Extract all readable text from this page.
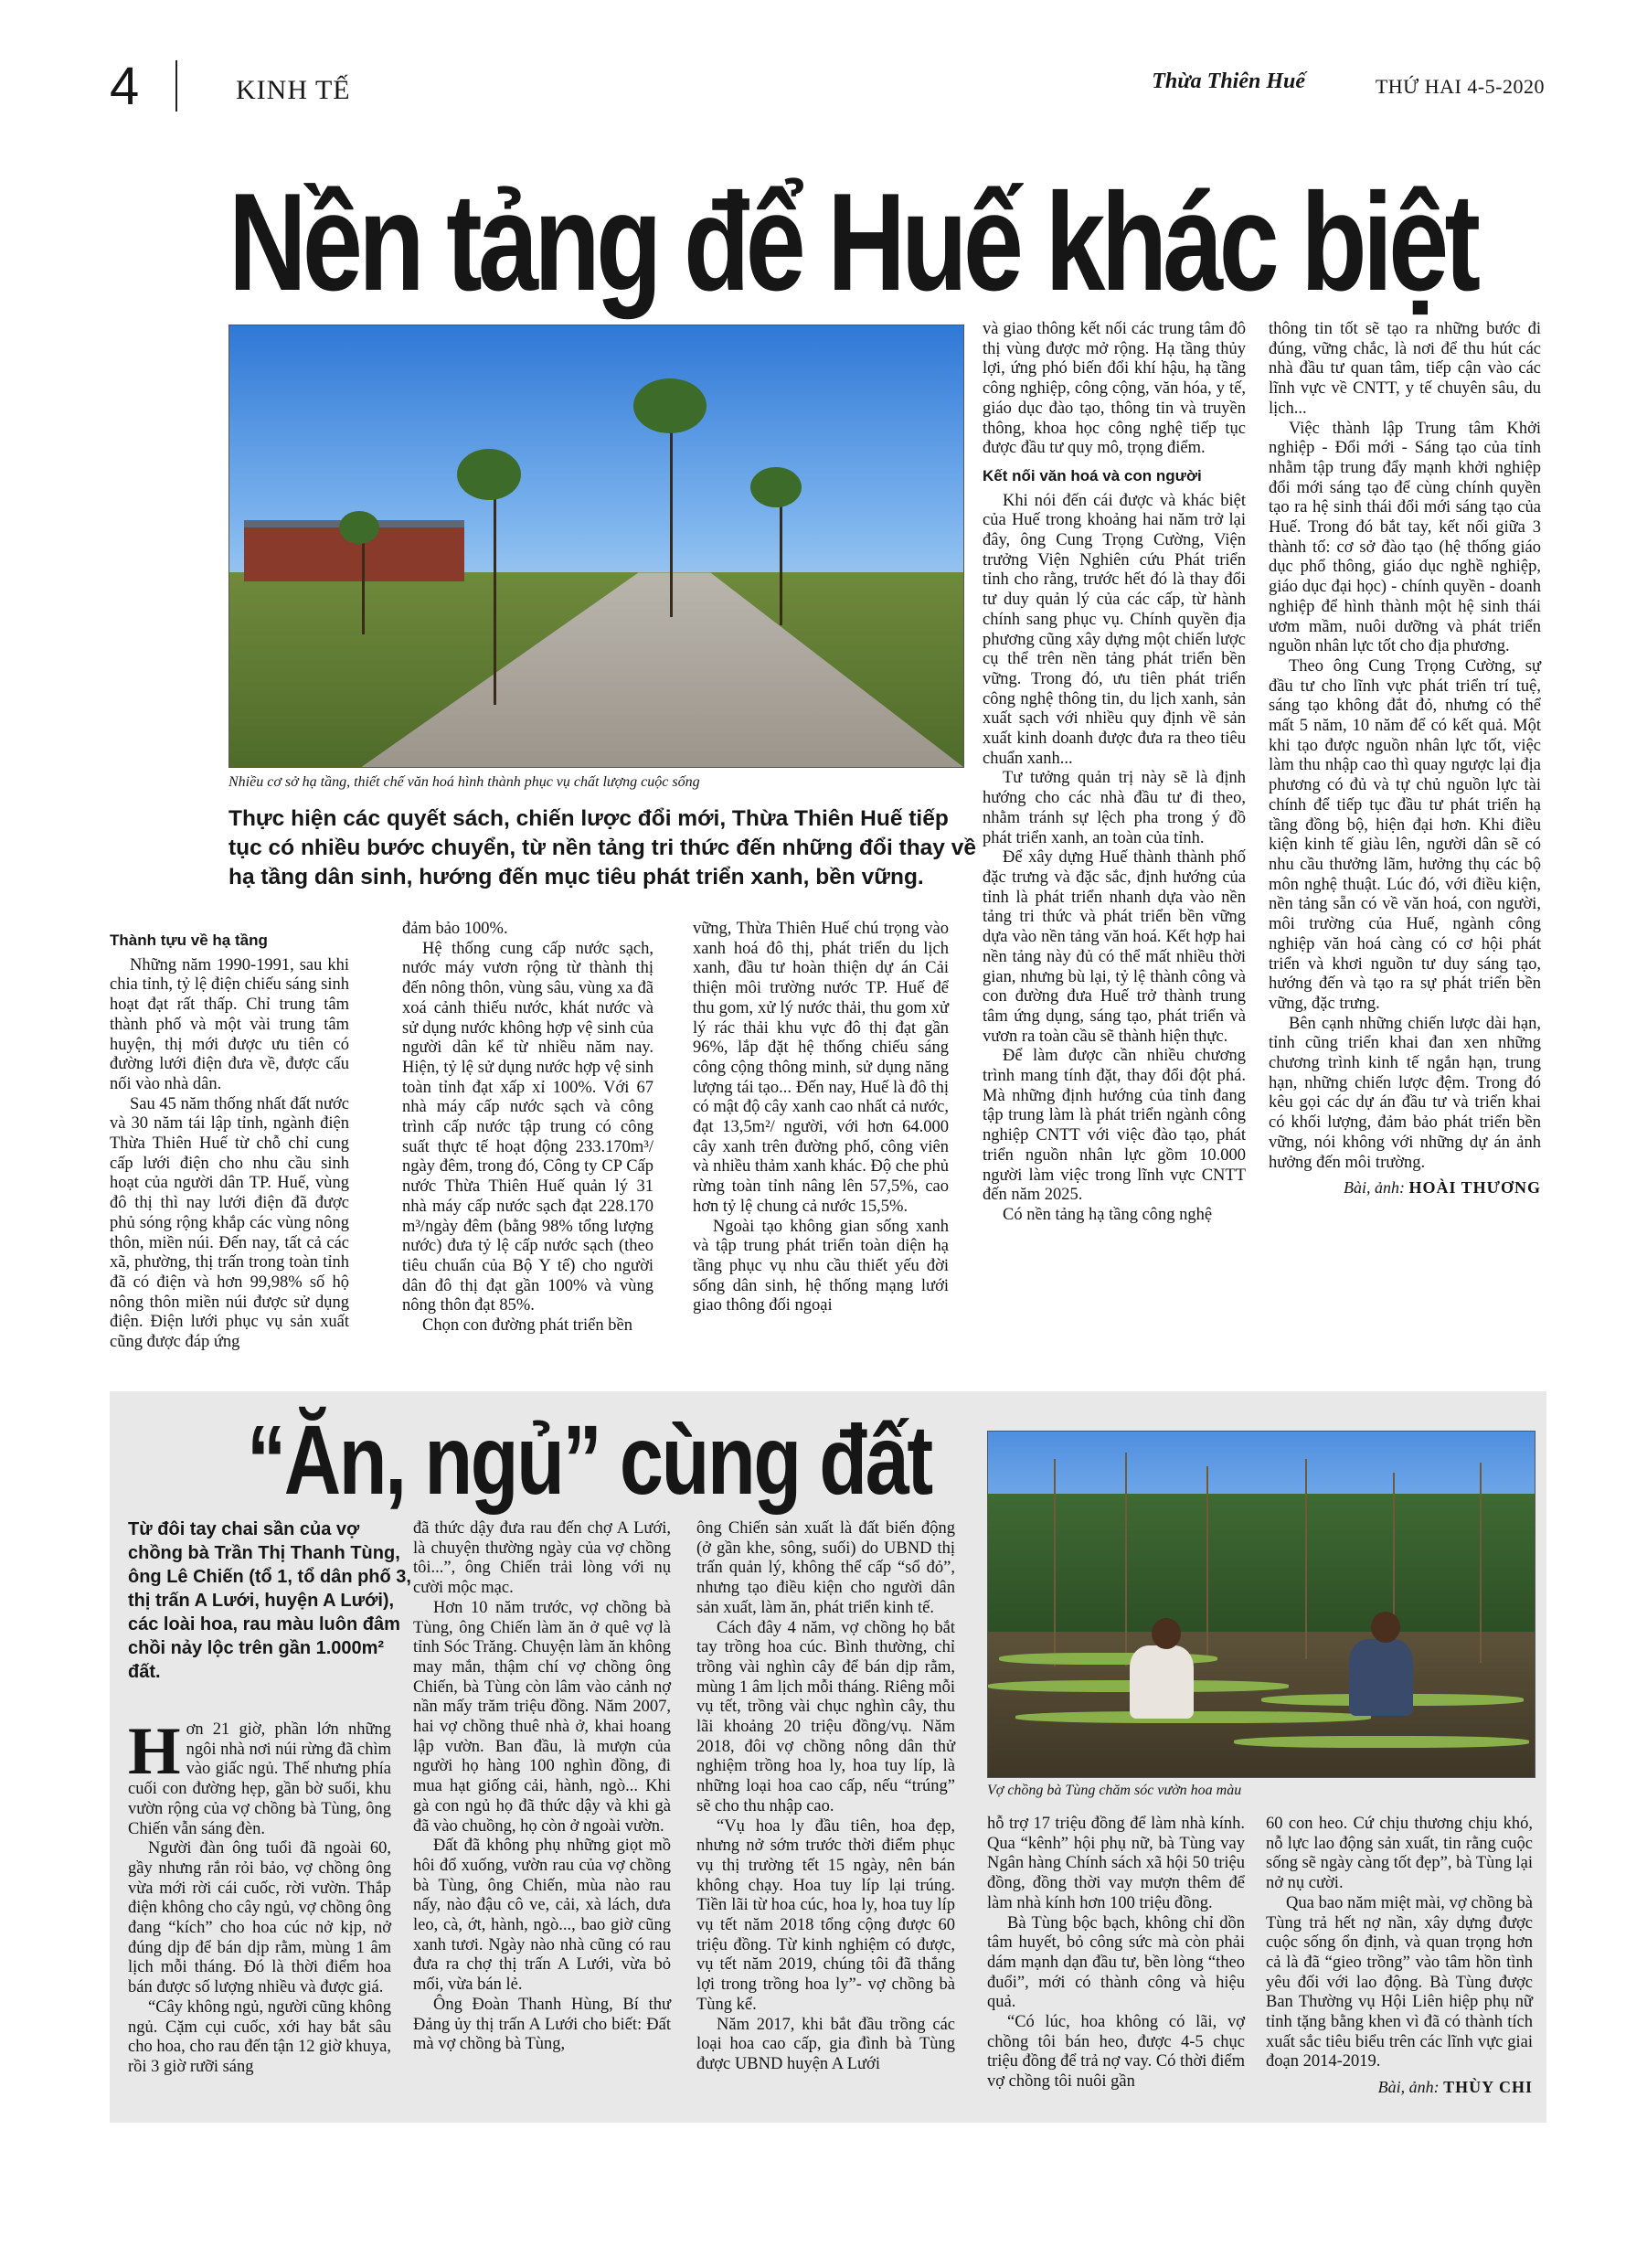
4	KINH TẾ	Thừa Thiên Huế	THỨ HAI 4-5-2020
Nền tảng để Huế khác biệt
Nhiều cơ sở hạ tầng, thiết chế văn hoá hình thành phục vụ chất lượng cuộc sống
Thực hiện các quyết sách, chiến lược đổi mới, Thừa Thiên Huế tiếp tục có nhiều bước chuyển, từ nền tảng tri thức đến những đổi thay về hạ tầng dân sinh, hướng đến mục tiêu phát triển xanh, bền vững.
Thành tựu về hạ tầng

Những năm 1990-1991, sau khi chia tỉnh, tỷ lệ điện chiếu sáng sinh hoạt đạt rất thấp. Chỉ trung tâm thành phố và một vài trung tâm huyện, thị mới được ưu tiên có đường lưới điện đưa về, được cấu nối vào nhà dân.

Sau 45 năm thống nhất đất nước và 30 năm tái lập tỉnh, ngành điện Thừa Thiên Huế từ chỗ chỉ cung cấp lưới điện cho nhu cầu sinh hoạt của người dân TP. Huế, vùng đô thị thì nay lưới điện đã được phủ sóng rộng khắp các vùng nông thôn, miền núi. Đến nay, tất cả các xã, phường, thị trấn trong toàn tỉnh đã có điện và hơn 99,98% số hộ nông thôn miền núi được sử dụng điện. Điện lưới phục vụ sản xuất cũng được đáp ứng

đảm bảo 100%.

Hệ thống cung cấp nước sạch, nước máy vươn rộng từ thành thị đến nông thôn, vùng sâu, vùng xa đã xoá cảnh thiếu nước, khát nước và sử dụng nước không hợp vệ sinh của người dân kể từ nhiều năm nay. Hiện, tỷ lệ sử dụng nước hợp vệ sinh toàn tỉnh đạt xấp xỉ 100%. Với 67 nhà máy cấp nước sạch và công trình cấp nước tập trung có công suất thực tế hoạt động 233.170m³/ ngày đêm, trong đó, Công ty CP Cấp nước Thừa Thiên Huế quản lý 31 nhà máy cấp nước sạch đạt 228.170 m³/ngày đêm (bằng 98% tổng lượng nước) đưa tỷ lệ cấp nước sạch (theo tiêu chuẩn của Bộ Y tế) cho người dân đô thị đạt gần 100% và vùng nông thôn đạt 85%.

Chọn con đường phát triển bền

vững, Thừa Thiên Huế chú trọng vào xanh hoá đô thị, phát triển du lịch xanh, đầu tư hoàn thiện dự án Cải thiện môi trường nước TP. Huế để thu gom, xử lý nước thải, thu gom xử lý rác thải khu vực đô thị đạt gần 96%, lắp đặt hệ thống chiếu sáng công cộng thông minh, sử dụng năng lượng tái tạo... Đến nay, Huế là đô thị có mật độ cây xanh cao nhất cả nước, đạt 13,5m²/ người, với hơn 64.000 cây xanh trên đường phố, công viên và nhiều thảm xanh khác. Độ che phủ rừng toàn tỉnh nâng lên 57,5%, cao hơn tỷ lệ chung cả nước 15,5%.

Ngoài tạo không gian sống xanh và tập trung phát triển toàn diện hạ tầng phục vụ nhu cầu thiết yếu đời sống dân sinh, hệ thống mạng lưới giao thông đối ngoại

và giao thông kết nối các trung tâm đô thị vùng được mở rộng. Hạ tầng thủy lợi, ứng phó biến đổi khí hậu, hạ tầng công nghiệp, công cộng, văn hóa, y tế, giáo dục đào tạo, thông tin và truyền thông, khoa học công nghệ tiếp tục được đầu tư quy mô, trọng điểm.

Kết nối văn hoá và con người

Khi nói đến cái được và khác biệt của Huế trong khoảng hai năm trở lại đây, ông Cung Trọng Cường, Viện trưởng Viện Nghiên cứu Phát triển tỉnh cho rằng, trước hết đó là thay đổi tư duy quản lý của các cấp, từ hành chính sang phục vụ. Chính quyền địa phương cũng xây dựng một chiến lược cụ thể trên nền tảng phát triển bền vững. Trong đó, ưu tiên phát triển công nghệ thông tin, du lịch xanh, sản xuất sạch với nhiều quy định về sản xuất kinh doanh được đưa ra theo tiêu chuẩn xanh...

Tư tưởng quản trị này sẽ là định hướng cho các nhà đầu tư đi theo, nhằm tránh sự lệch pha trong ý đồ phát triển xanh, an toàn của tỉnh.

Để xây dựng Huế thành thành phố đặc trưng và đặc sắc, định hướng của tỉnh là phát triển nhanh dựa vào nền tảng tri thức và phát triển bền vững dựa vào nền tảng văn hoá. Kết hợp hai nền tảng này đủ có thể mất nhiều thời gian, nhưng bù lại, tỷ lệ thành công và con đường đưa Huế trở thành trung tâm ứng dụng, sáng tạo, phát triển và vươn ra toàn cầu sẽ thành hiện thực.

Để làm được cần nhiều chương trình mang tính đặt, thay đổi đột phá. Mà những định hướng của tỉnh đang tập trung làm là phát triển ngành công nghiệp CNTT với việc đào tạo, phát triển nguồn nhân lực gồm 10.000 người làm việc trong lĩnh vực CNTT đến năm 2025.

Có nền tảng hạ tầng công nghệ

thông tin tốt sẽ tạo ra những bước đi đúng, vững chắc, là nơi để thu hút các nhà đầu tư quan tâm, tiếp cận vào các lĩnh vực về CNTT, y tế chuyên sâu, du lịch...

Việc thành lập Trung tâm Khởi nghiệp - Đổi mới - Sáng tạo của tỉnh nhằm tập trung đẩy mạnh khởi nghiệp đổi mới sáng tạo để cùng chính quyền tạo ra hệ sinh thái đổi mới sáng tạo của Huế. Trong đó bắt tay, kết nối giữa 3 thành tố: cơ sở đào tạo (hệ thống giáo dục phổ thông, giáo dục nghề nghiệp, giáo dục đại học) - chính quyền - doanh nghiệp để hình thành một hệ sinh thái ươm mầm, nuôi dưỡng và phát triển nguồn nhân lực tốt cho địa phương.

Theo ông Cung Trọng Cường, sự đầu tư cho lĩnh vực phát triển trí tuệ, sáng tạo không đắt đỏ, nhưng có thể mất 5 năm, 10 năm để có kết quả. Một khi tạo được nguồn nhân lực tốt, việc làm thu nhập cao thì quay ngược lại địa phương có đủ và tự chủ nguồn lực tài chính để tiếp tục đầu tư phát triển hạ tầng đồng bộ, hiện đại hơn. Khi điều kiện kinh tế giàu lên, người dân sẽ có nhu cầu thưởng lãm, hưởng thụ các bộ môn nghệ thuật. Lúc đó, với điều kiện, nền tảng sẵn có về văn hoá, con người, môi trường của Huế, ngành công nghiệp văn hoá càng có cơ hội phát triển và khơi nguồn tư duy sáng tạo, hướng đến và tạo ra sự phát triển bền vững, đặc trưng.

Bên cạnh những chiến lược dài hạn, tỉnh cũng triển khai đan xen những chương trình kinh tế ngắn hạn, trung hạn, những chiến lược đệm. Trong đó kêu gọi các dự án đầu tư và triển khai có khối lượng, đảm bảo phát triển bền vững, nói không với những dự án ảnh hưởng đến môi trường.

Bài, ảnh: HOÀI THƯƠNG
“Ăn, ngủ” cùng đất
Từ đôi tay chai sần của vợ chồng bà Trần Thị Thanh Tùng, ông Lê Chiến (tổ 1, tổ dân phố 3, thị trấn A Lưới, huyện A Lưới), các loài hoa, rau màu luôn đâm chồi nảy lộc trên gần 1.000m² đất.
Vợ chồng bà Tùng chăm sóc vườn hoa màu

Hơn 21 giờ, phần lớn những ngôi nhà nơi núi rừng đã chìm vào giấc ngủ. Thế nhưng phía cuối con đường hẹp, gần bờ suối, khu vườn rộng của vợ chồng bà Tùng, ông Chiến vẫn sáng đèn.

Người đàn ông tuổi đã ngoài 60, gầy nhưng rắn rỏi bảo, vợ chồng ông vừa mới rời cái cuốc, rời vườn. Thắp điện không cho cây ngủ, vợ chồng ông đang “kích” cho hoa cúc nở kịp, nở đúng dịp để bán dịp rằm, mùng 1 âm lịch mỗi tháng. Đó là thời điểm hoa bán được số lượng nhiều và được giá.

“Cây không ngủ, người cũng không ngủ. Cặm cụi cuốc, xới hay bắt sâu cho hoa, cho rau đến tận 12 giờ khuya, rồi 3 giờ rưỡi sáng

đã thức dậy đưa rau đến chợ A Lưới, là chuyện thường ngày của vợ chồng tôi...”, ông Chiến trải lòng với nụ cười mộc mạc.

Hơn 10 năm trước, vợ chồng bà Tùng, ông Chiến làm ăn ở quê vợ là tỉnh Sóc Trăng. Chuyện làm ăn không may mắn, thậm chí vợ chồng ông Chiến, bà Tùng còn lâm vào cảnh nợ nần mấy trăm triệu đồng. Năm 2007, hai vợ chồng thuê nhà ở, khai hoang lập vườn. Ban đầu, là mượn của người họ hàng 100 nghìn đồng, đi mua hạt giống cải, hành, ngò... Khi gà con ngủ họ đã thức dậy và khi gà đã vào chuồng, họ còn ở ngoài vườn.

Đất đã không phụ những giọt mồ hôi đổ xuống, vườn rau của vợ chồng bà Tùng, ông Chiến, mùa nào rau nấy, nào đậu cô ve, cải, xà lách, dưa leo, cà, ớt, hành, ngò..., bao giờ cũng xanh tươi. Ngày nào nhà cũng có rau đưa ra chợ thị trấn A Lưới, vừa bỏ mối, vừa bán lẻ.

Ông Đoàn Thanh Hùng, Bí thư Đảng ủy thị trấn A Lưới cho biết: Đất mà vợ chồng bà Tùng,

ông Chiến sản xuất là đất biến động (ở gần khe, sông, suối) do UBND thị trấn quản lý, không thể cấp “sổ đỏ”, nhưng tạo điều kiện cho người dân sản xuất, làm ăn, phát triển kinh tế.

Cách đây 4 năm, vợ chồng họ bắt tay trồng hoa cúc. Bình thường, chỉ trồng vài nghìn cây để bán dịp rằm, mùng 1 âm lịch mỗi tháng. Riêng mỗi vụ tết, trồng vài chục nghìn cây, thu lãi khoảng 20 triệu đồng/vụ. Năm 2018, đôi vợ chồng nông dân thử nghiệm trồng hoa ly, hoa tuy líp, là những loại hoa cao cấp, nếu “trúng” sẽ cho thu nhập cao.

“Vụ hoa ly đầu tiên, hoa đẹp, nhưng nở sớm trước thời điểm phục vụ thị trường tết 15 ngày, nên bán không chạy. Hoa tuy líp lại trúng. Tiền lãi từ hoa cúc, hoa ly, hoa tuy líp vụ tết năm 2018 tổng cộng được 60 triệu đồng. Từ kinh nghiệm có được, vụ tết năm 2019, chúng tôi đã thắng lợi trong trồng hoa ly”- vợ chồng bà Tùng kể.

Năm 2017, khi bắt đầu trồng các loại hoa cao cấp, gia đình bà Tùng được UBND huyện A Lưới

hỗ trợ 17 triệu đồng để làm nhà kính. Qua “kênh” hội phụ nữ, bà Tùng vay Ngân hàng Chính sách xã hội 50 triệu đồng, đồng thời vay mượn thêm để làm nhà kính hơn 100 triệu đồng.

Bà Tùng bộc bạch, không chỉ dồn tâm huyết, bỏ công sức mà còn phải dám mạnh dạn đầu tư, bền lòng “theo đuổi”, mới có thành công và hiệu quả.

“Có lúc, hoa không có lãi, vợ chồng tôi bán heo, được 4-5 chục triệu đồng để trả nợ vay. Có thời điểm vợ chồng tôi nuôi gần

60 con heo. Cứ chịu thương chịu khó, nỗ lực lao động sản xuất, tin rằng cuộc sống sẽ ngày càng tốt đẹp”, bà Tùng lại nở nụ cười.

Qua bao năm miệt mài, vợ chồng bà Tùng trả hết nợ nần, xây dựng được cuộc sống ổn định, và quan trọng hơn cả là đã “gieo trồng” vào tâm hồn tình yêu đối với lao động. Bà Tùng được Ban Thường vụ Hội Liên hiệp phụ nữ tỉnh tặng bằng khen vì đã có thành tích xuất sắc tiêu biểu trên các lĩnh vực giai đoạn 2014-2019.

Bài, ảnh: THÙY CHI
